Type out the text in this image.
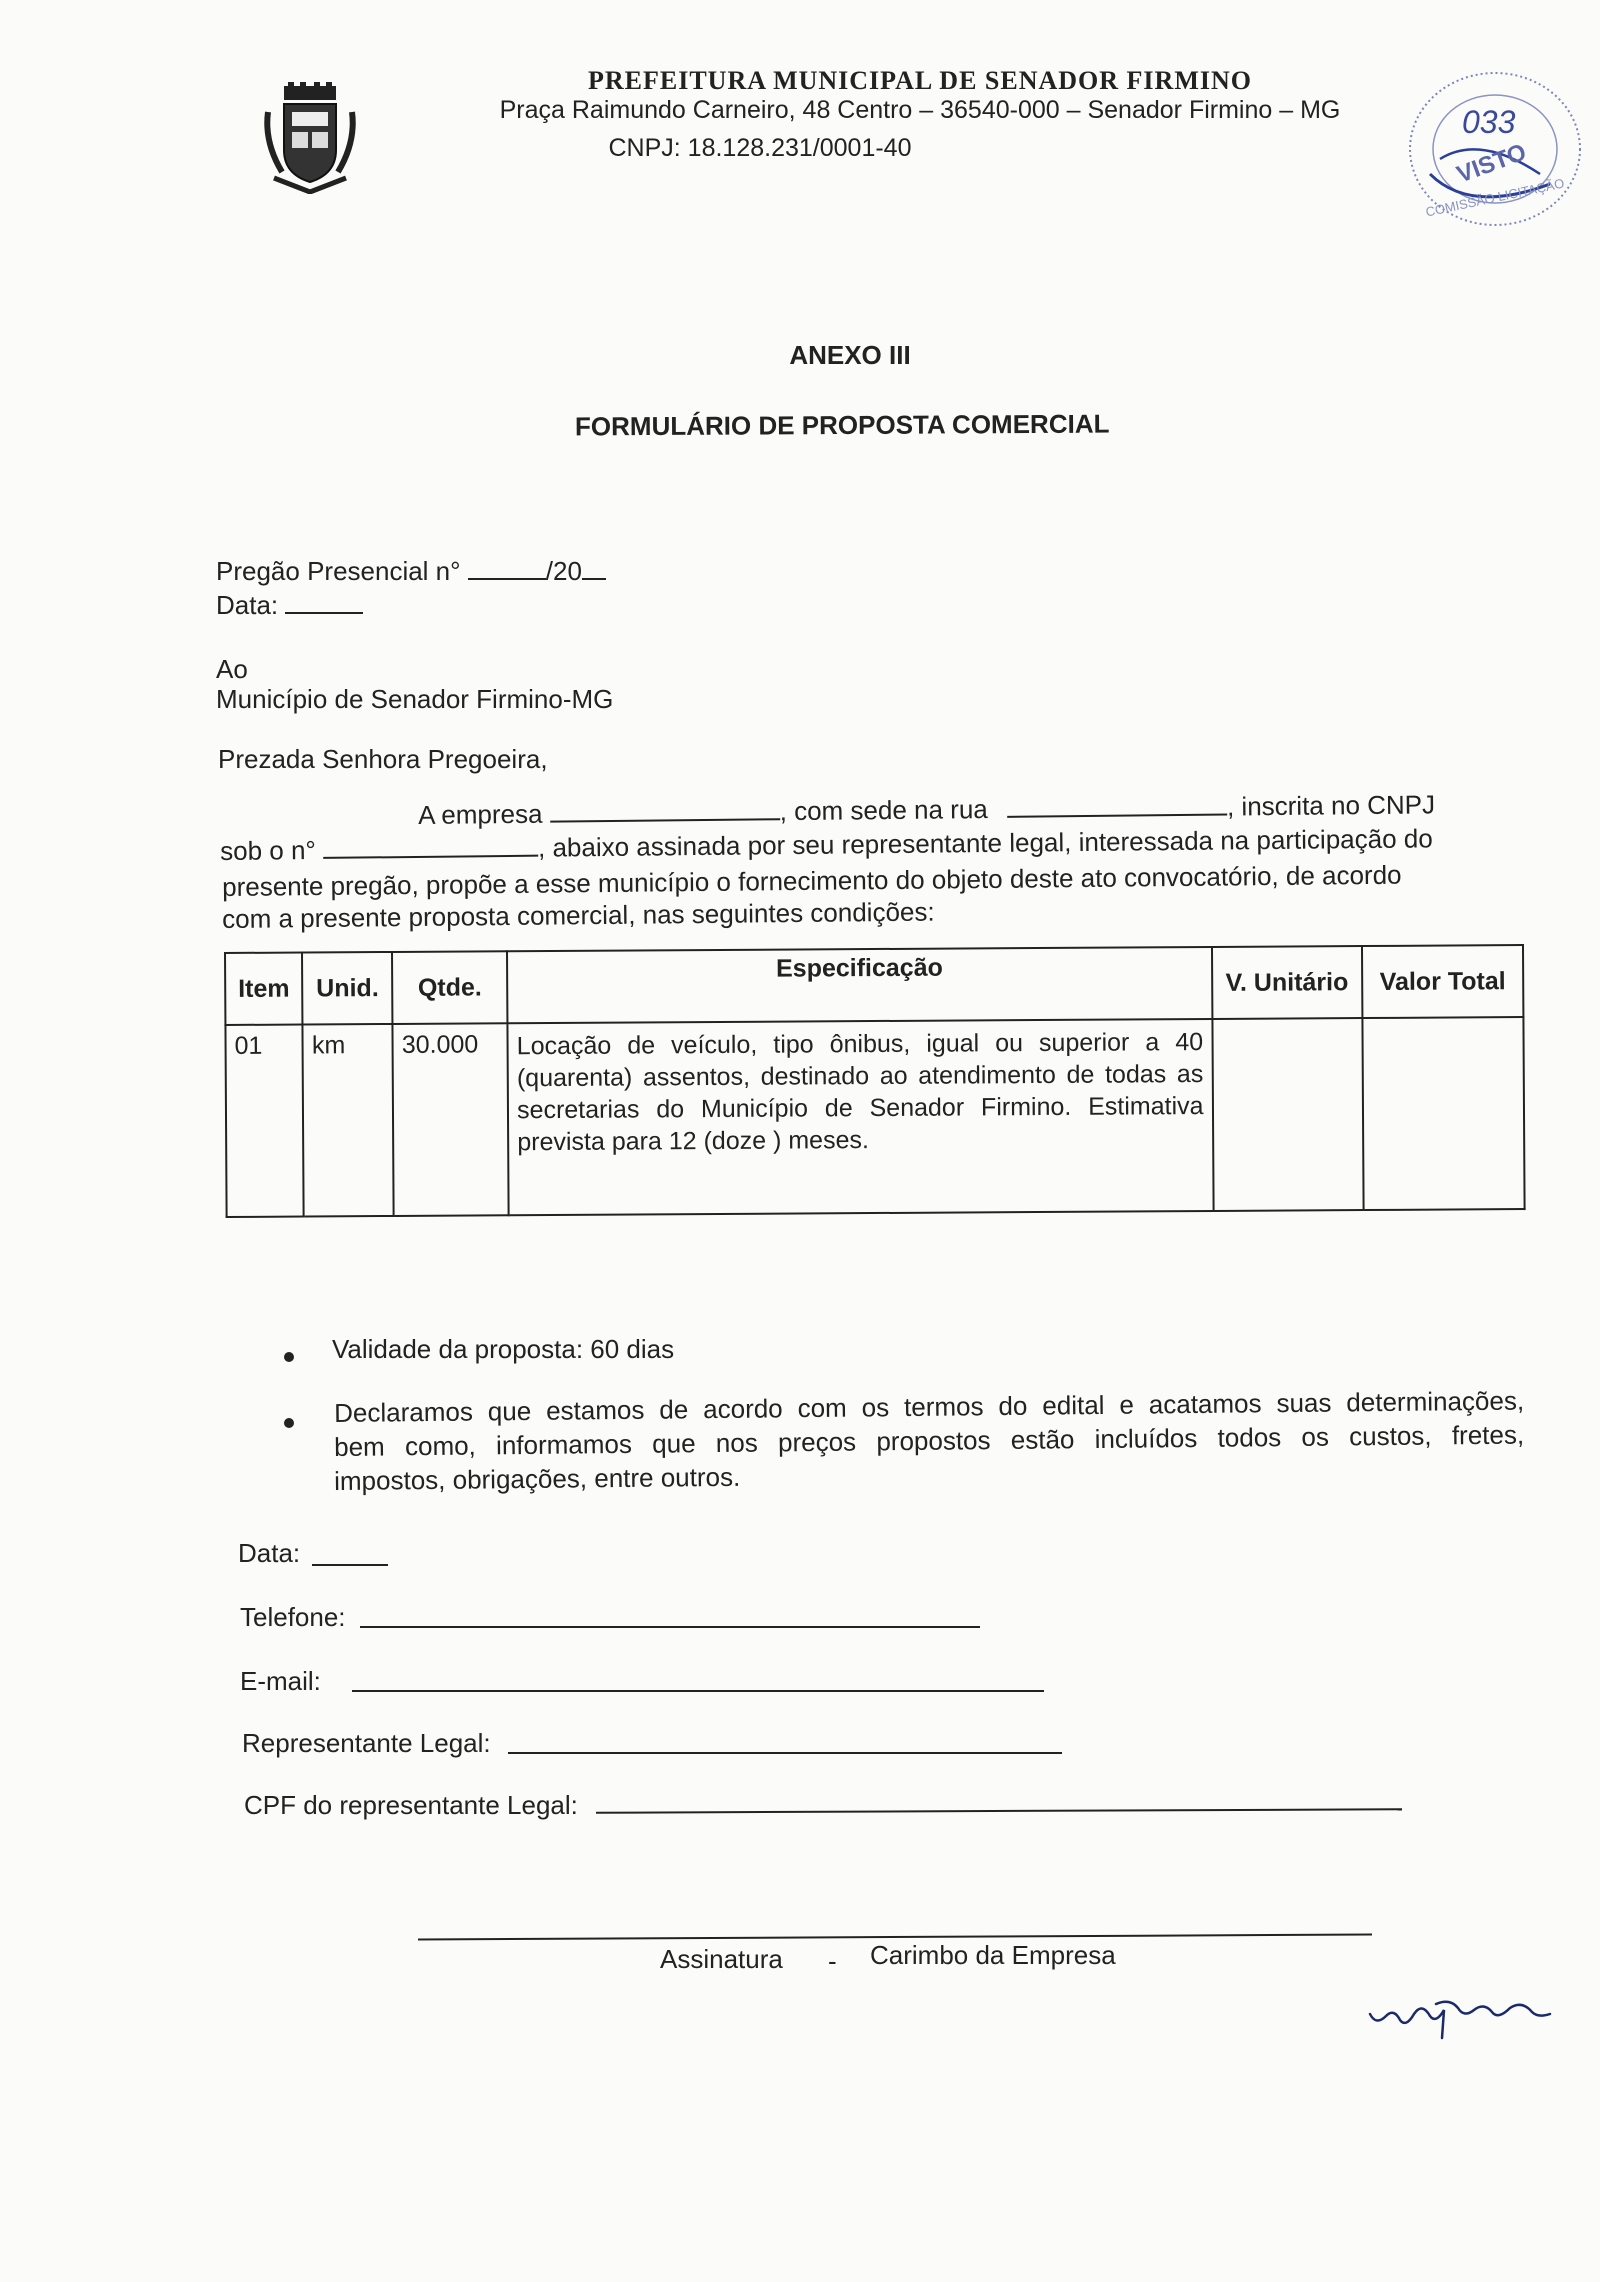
PREFEITURA MUNICIPAL DE SENADOR FIRMINO
Praça Raimundo Carneiro, 48 Centro – 36540-000 – Senador Firmino – MG
CNPJ: 18.128.231/0001-40
033
VISTO
COMISSÃO LICITAÇÃO
ANEXO III
FORMULÁRIO DE PROPOSTA COMERCIAL
Pregão Presencial n°	/20
Data:
Ao
Município de Senador Firmino-MG
Prezada Senhora Pregoeira,
A empresa	, com sede na rua	, inscrita no CNPJ
sob o n°	, abaixo assinada por seu representante legal, interessada na participação do
presente pregão, propõe a esse município o fornecimento do objeto deste ato convocatório, de acordo
com a presente proposta comercial, nas seguintes condições:
Item	Unid.	Qtde.	Especificação	V. Unitário	Valor Total
01	km	30.000	Locação de veículo, tipo ônibus, igual ou superior a 40 (quarenta) assentos, destinado ao atendimento de todas as secretarias do Município de Senador Firmino. Estimativa prevista para 12 (doze ) meses.		
Validade da proposta: 60 dias
Declaramos que estamos de acordo com os termos do edital e acatamos suas determinações,
bem como, informamos que nos preços propostos estão incluídos todos os custos, fretes,
impostos, obrigações, entre outros.
Data:
Telefone:
E-mail:
Representante Legal:
CPF do representante Legal:
Assinatura - Carimbo da Empresa
